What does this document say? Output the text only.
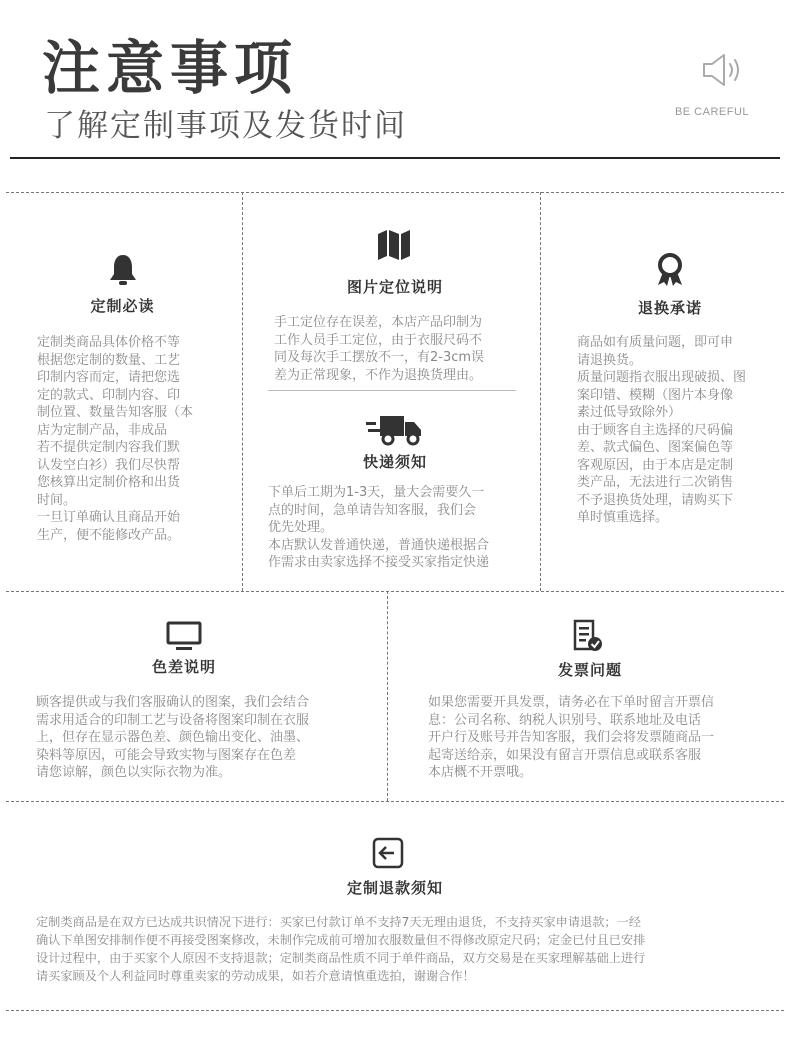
注意事项
了解定制事项及发货时间	BE CAREFUL
定制必读
定制类商品具体价格不等
根据您定制的数量、工艺
印制内容而定，请把您选
定的款式、印制内容、印
制位置、数量告知客服（本
店为定制产品，非成品
若不提供定制内容我们默
认发空白衫）我们尽快帮
您核算出定制价格和出货
时间。
一旦订单确认且商品开始
生产，便不能修改产品。
图片定位说明
手工定位存在误差，本店产品印制为
工作人员手工定位，由于衣服尺码不
同及每次手工摆放不一，有2-3cm误
差为正常现象，不作为退换货理由。
快递须知
下单后工期为1-3天，量大会需要久一
点的时间，急单请告知客服，我们会
优先处理。
本店默认发普通快递，普通快递根据合
作需求由卖家选择不接受买家指定快递
退换承诺
商品如有质量问题，即可申
请退换货。
质量问题指衣服出现破损、图
案印错、模糊（图片本身像
素过低导致除外）
由于顾客自主选择的尺码偏
差、款式偏色、图案偏色等
客观原因，由于本店是定制
类产品，无法进行二次销售
不予退换货处理，请购买下
单时慎重选择。
色差说明
顾客提供或与我们客服确认的图案，我们会结合
需求用适合的印制工艺与设备将图案印制在衣服
上，但存在显示器色差、颜色输出变化、油墨、
染料等原因，可能会导致实物与图案存在色差
请您谅解，颜色以实际衣物为准。
发票问题
如果您需要开具发票，请务必在下单时留言开票信
息：公司名称、纳税人识别号、联系地址及电话
开户行及账号并告知客服，我们会将发票随商品一
起寄送给亲，如果没有留言开票信息或联系客服
本店概不开票哦。
定制退款须知
定制类商品是在双方已达成共识情况下进行：买家已付款订单不支持7天无理由退货，不支持买家申请退款；一经
确认下单图安排制作便不再接受图案修改，未制作完成前可增加衣服数量但不得修改原定尺码；定金已付且已安排
设计过程中，由于买家个人原因不支持退款；定制类商品性质不同于单件商品，双方交易是在买家理解基础上进行
请买家顾及个人利益同时尊重卖家的劳动成果，如若介意请慎重选拍，谢谢合作！
